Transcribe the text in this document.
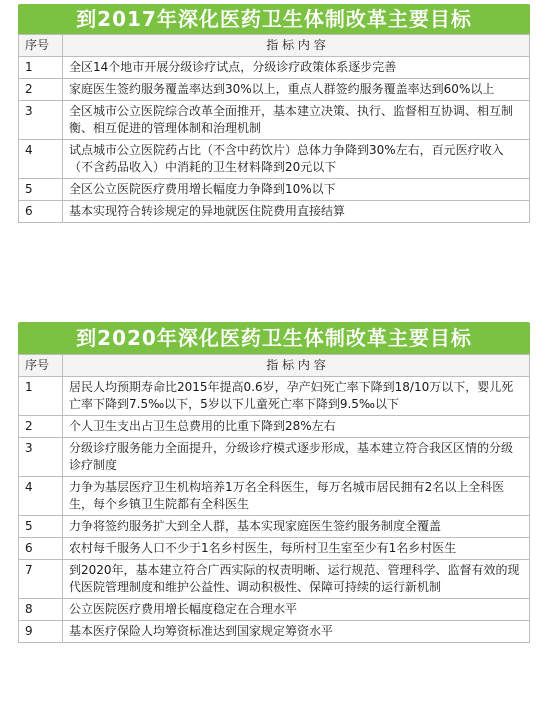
到2017年深化医药卫生体制改革主要目标
序号	指 标 内 容
1	全区14个地市开展分级诊疗试点，分级诊疗政策体系逐步完善
2	家庭医生签约服务覆盖率达到30%以上，重点人群签约服务覆盖率达到60%以上
3	全区城市公立医院综合改革全面推开，基本建立决策、执行、监督相互协调、相互制衡、相互促进的管理体制和治理机制
4	试点城市公立医院药占比（不含中药饮片）总体力争降到30%左右，百元医疗收入（不含药品收入）中消耗的卫生材料降到20元以下
5	全区公立医院医疗费用增长幅度力争降到10%以下
6	基本实现符合转诊规定的异地就医住院费用直接结算
到2020年深化医药卫生体制改革主要目标
序号	指 标 内 容
1	居民人均预期寿命比2015年提高0.6岁，孕产妇死亡率下降到18/10万以下，婴儿死亡率下降到7.5‰以下，5岁以下儿童死亡率下降到9.5‰以下
2	个人卫生支出占卫生总费用的比重下降到28%左右
3	分级诊疗服务能力全面提升，分级诊疗模式逐步形成，基本建立符合我区区情的分级诊疗制度
4	力争为基层医疗卫生机构培养1万名全科医生，每万名城市居民拥有2名以上全科医生，每个乡镇卫生院都有全科医生
5	力争将签约服务扩大到全人群，基本实现家庭医生签约服务制度全覆盖
6	农村每千服务人口不少于1名乡村医生，每所村卫生室至少有1名乡村医生
7	到2020年，基本建立符合广西实际的权责明晰、运行规范、管理科学、监督有效的现代医院管理制度和维护公益性、调动积极性、保障可持续的运行新机制
8	公立医院医疗费用增长幅度稳定在合理水平
9	基本医疗保险人均筹资标准达到国家规定筹资水平
